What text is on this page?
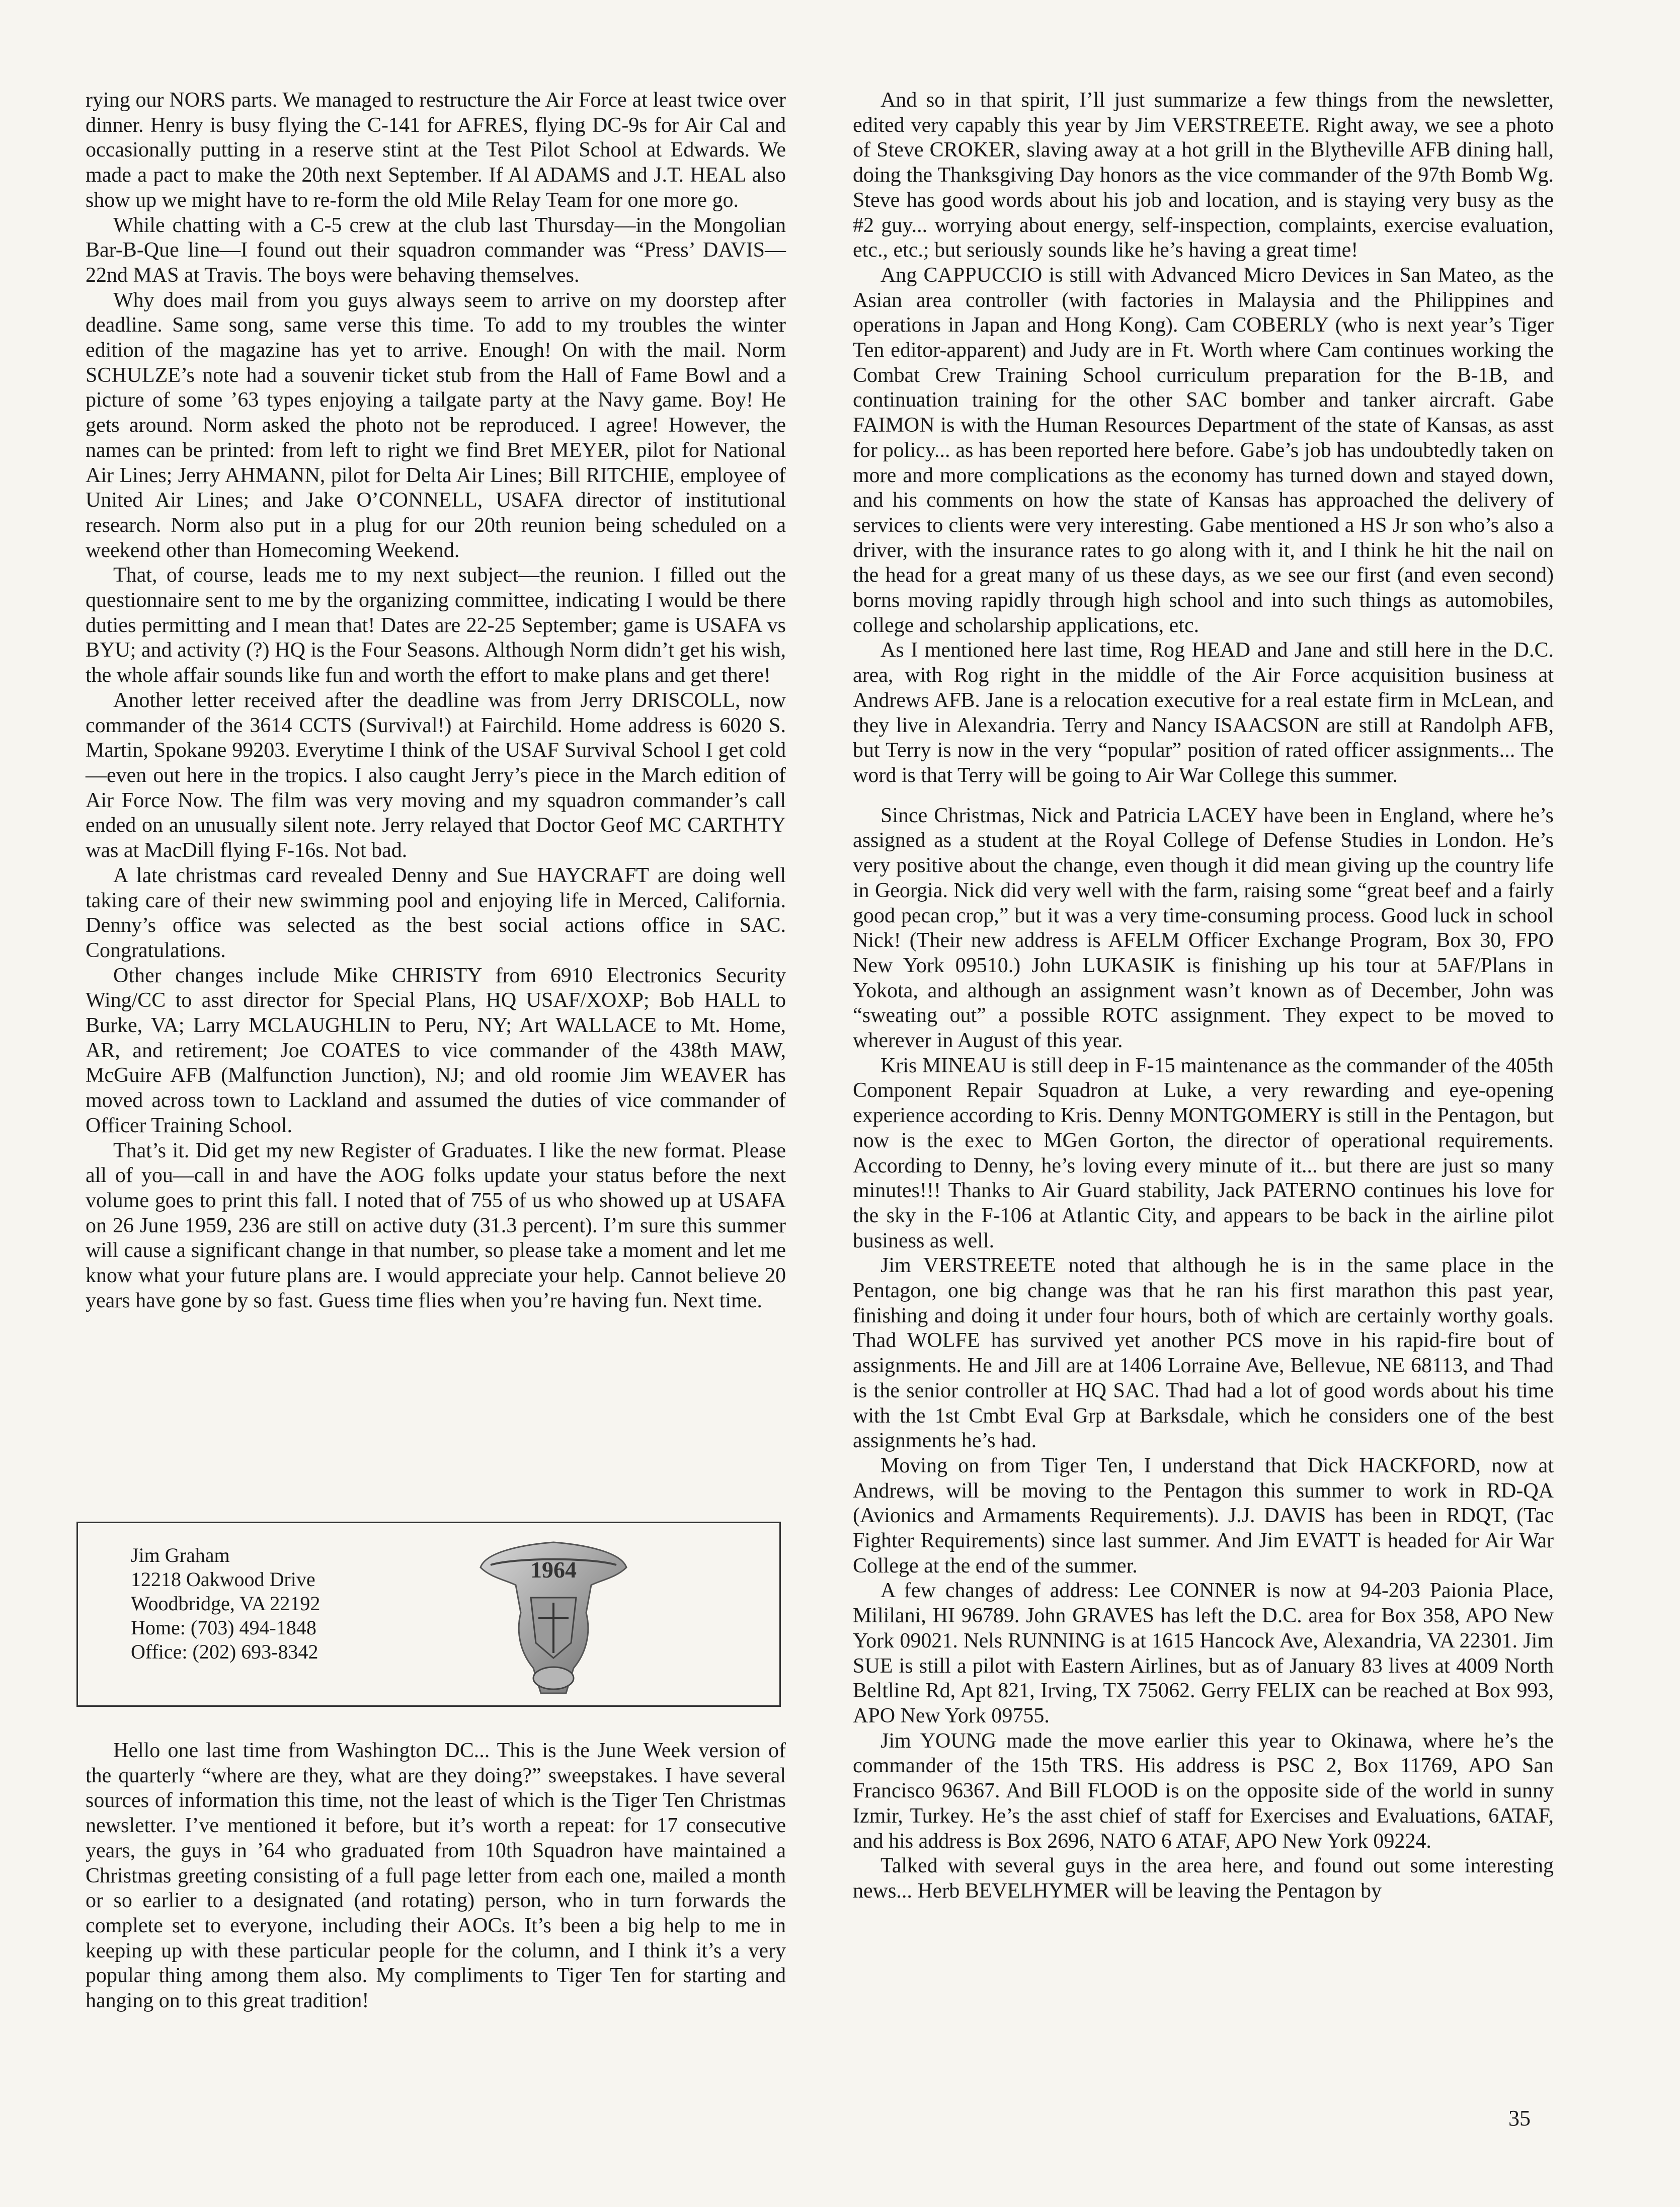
rying our NORS parts. We managed to restructure the Air Force at least twice over dinner. Henry is busy flying the C-141 for AFRES, flying DC-9s for Air Cal and occasionally putting in a reserve stint at the Test Pilot School at Edwards. We made a pact to make the 20th next September. If Al ADAMS and J.T. HEAL also show up we might have to re-form the old Mile Relay Team for one more go.

While chatting with a C-5 crew at the club last Thursday—in the Mongolian Bar-B-Que line—I found out their squadron commander was “Press’ DAVIS—22nd MAS at Travis. The boys were behaving themselves.

Why does mail from you guys always seem to arrive on my doorstep after deadline. Same song, same verse this time. To add to my troubles the winter edition of the magazine has yet to arrive. Enough! On with the mail. Norm SCHULZE’s note had a souvenir ticket stub from the Hall of Fame Bowl and a picture of some ’63 types enjoying a tailgate party at the Navy game. Boy! He gets around. Norm asked the photo not be reproduced. I agree! However, the names can be printed: from left to right we find Bret MEYER, pilot for National Air Lines; Jerry AHMANN, pilot for Delta Air Lines; Bill RITCHIE, employee of United Air Lines; and Jake O’CONNELL, USAFA director of institutional research. Norm also put in a plug for our 20th reunion being scheduled on a weekend other than Homecoming Weekend.

That, of course, leads me to my next subject—the reunion. I filled out the questionnaire sent to me by the organizing committee, indicating I would be there duties permitting and I mean that! Dates are 22-25 September; game is USAFA vs BYU; and activity (?) HQ is the Four Seasons. Although Norm didn’t get his wish, the whole affair sounds like fun and worth the effort to make plans and get there!

Another letter received after the deadline was from Jerry DRISCOLL, now commander of the 3614 CCTS (Survival!) at Fairchild. Home address is 6020 S. Martin, Spokane 99203. Everytime I think of the USAF Survival School I get cold—even out here in the tropics. I also caught Jerry’s piece in the March edition of Air Force Now. The film was very moving and my squadron commander’s call ended on an unusually silent note. Jerry relayed that Doctor Geof MC CARTHTY was at MacDill flying F-16s. Not bad.

A late christmas card revealed Denny and Sue HAYCRAFT are doing well taking care of their new swimming pool and enjoying life in Merced, California. Denny’s office was selected as the best social actions office in SAC. Congratulations.

Other changes include Mike CHRISTY from 6910 Electronics Security Wing/CC to asst director for Special Plans, HQ USAF/XOXP; Bob HALL to Burke, VA; Larry MCLAUGHLIN to Peru, NY; Art WALLACE to Mt. Home, AR, and retirement; Joe COATES to vice commander of the 438th MAW, McGuire AFB (Malfunction Junction), NJ; and old roomie Jim WEAVER has moved across town to Lackland and assumed the duties of vice commander of Officer Training School.

That’s it. Did get my new Register of Graduates. I like the new format. Please all of you—call in and have the AOG folks update your status before the next volume goes to print this fall. I noted that of 755 of us who showed up at USAFA on 26 June 1959, 236 are still on active duty (31.3 percent). I’m sure this summer will cause a significant change in that number, so please take a moment and let me know what your future plans are. I would appreciate your help. Cannot believe 20 years have gone by so fast. Guess time flies when you’re having fun. Next time.

Jim Graham
12218 Oakwood Drive
Woodbridge, VA 22192
Home: (703) 494-1848
Office: (202) 693-8342
1964

Hello one last time from Washington DC... This is the June Week version of the quarterly “where are they, what are they doing?” sweepstakes. I have several sources of information this time, not the least of which is the Tiger Ten Christmas newsletter. I’ve mentioned it before, but it’s worth a repeat: for 17 consecutive years, the guys in ’64 who graduated from 10th Squadron have maintained a Christmas greeting consisting of a full page letter from each one, mailed a month or so earlier to a designated (and rotating) person, who in turn forwards the complete set to everyone, including their AOCs. It’s been a big help to me in keeping up with these particular people for the column, and I think it’s a very popular thing among them also. My compliments to Tiger Ten for starting and hanging on to this great tradition!

And so in that spirit, I’ll just summarize a few things from the newsletter, edited very capably this year by Jim VERSTREETE. Right away, we see a photo of Steve CROKER, slaving away at a hot grill in the Blytheville AFB dining hall, doing the Thanksgiving Day honors as the vice commander of the 97th Bomb Wg. Steve has good words about his job and location, and is staying very busy as the #2 guy... worrying about energy, self-inspection, complaints, exercise evaluation, etc., etc.; but seriously sounds like he’s having a great time!

Ang CAPPUCCIO is still with Advanced Micro Devices in San Mateo, as the Asian area controller (with factories in Malaysia and the Philippines and operations in Japan and Hong Kong). Cam COBERLY (who is next year’s Tiger Ten editor-apparent) and Judy are in Ft. Worth where Cam continues working the Combat Crew Training School curriculum preparation for the B-1B, and continuation training for the other SAC bomber and tanker aircraft. Gabe FAIMON is with the Human Resources Department of the state of Kansas, as asst for policy... as has been reported here before. Gabe’s job has undoubtedly taken on more and more complications as the economy has turned down and stayed down, and his comments on how the state of Kansas has approached the delivery of services to clients were very interesting. Gabe mentioned a HS Jr son who’s also a driver, with the insurance rates to go along with it, and I think he hit the nail on the head for a great many of us these days, as we see our first (and even second) borns moving rapidly through high school and into such things as automobiles, college and scholarship applications, etc.

As I mentioned here last time, Rog HEAD and Jane and still here in the D.C. area, with Rog right in the middle of the Air Force acquisition business at Andrews AFB. Jane is a relocation executive for a real estate firm in McLean, and they live in Alexandria. Terry and Nancy ISAACSON are still at Randolph AFB, but Terry is now in the very “popular” position of rated officer assignments... The word is that Terry will be going to Air War College this summer.

Since Christmas, Nick and Patricia LACEY have been in England, where he’s assigned as a student at the Royal College of Defense Studies in London. He’s very positive about the change, even though it did mean giving up the country life in Georgia. Nick did very well with the farm, raising some “great beef and a fairly good pecan crop,” but it was a very time-consuming process. Good luck in school Nick! (Their new address is AFELM Officer Exchange Program, Box 30, FPO New York 09510.) John LUKASIK is finishing up his tour at 5AF/Plans in Yokota, and although an assignment wasn’t known as of December, John was “sweating out” a possible ROTC assignment. They expect to be moved to wherever in August of this year.

Kris MINEAU is still deep in F-15 maintenance as the commander of the 405th Component Repair Squadron at Luke, a very rewarding and eye-opening experience according to Kris. Denny MONTGOMERY is still in the Pentagon, but now is the exec to MGen Gorton, the director of operational requirements. According to Denny, he’s loving every minute of it... but there are just so many minutes!!! Thanks to Air Guard stability, Jack PATERNO continues his love for the sky in the F-106 at Atlantic City, and appears to be back in the airline pilot business as well.

Jim VERSTREETE noted that although he is in the same place in the Pentagon, one big change was that he ran his first marathon this past year, finishing and doing it under four hours, both of which are certainly worthy goals. Thad WOLFE has survived yet another PCS move in his rapid-fire bout of assignments. He and Jill are at 1406 Lorraine Ave, Bellevue, NE 68113, and Thad is the senior controller at HQ SAC. Thad had a lot of good words about his time with the 1st Cmbt Eval Grp at Barksdale, which he considers one of the best assignments he’s had.

Moving on from Tiger Ten, I understand that Dick HACKFORD, now at Andrews, will be moving to the Pentagon this summer to work in RD-QA (Avionics and Armaments Requirements). J.J. DAVIS has been in RDQT, (Tac Fighter Requirements) since last summer. And Jim EVATT is headed for Air War College at the end of the summer.

A few changes of address: Lee CONNER is now at 94-203 Paionia Place, Mililani, HI 96789. John GRAVES has left the D.C. area for Box 358, APO New York 09021. Nels RUNNING is at 1615 Hancock Ave, Alexandria, VA 22301. Jim SUE is still a pilot with Eastern Airlines, but as of January 83 lives at 4009 North Beltline Rd, Apt 821, Irving, TX 75062. Gerry FELIX can be reached at Box 993, APO New York 09755.

Jim YOUNG made the move earlier this year to Okinawa, where he’s the commander of the 15th TRS. His address is PSC 2, Box 11769, APO San Francisco 96367. And Bill FLOOD is on the opposite side of the world in sunny Izmir, Turkey. He’s the asst chief of staff for Exercises and Evaluations, 6ATAF, and his address is Box 2696, NATO 6 ATAF, APO New York 09224.

Talked with several guys in the area here, and found out some interesting news... Herb BEVELHYMER will be leaving the Pentagon by

35
